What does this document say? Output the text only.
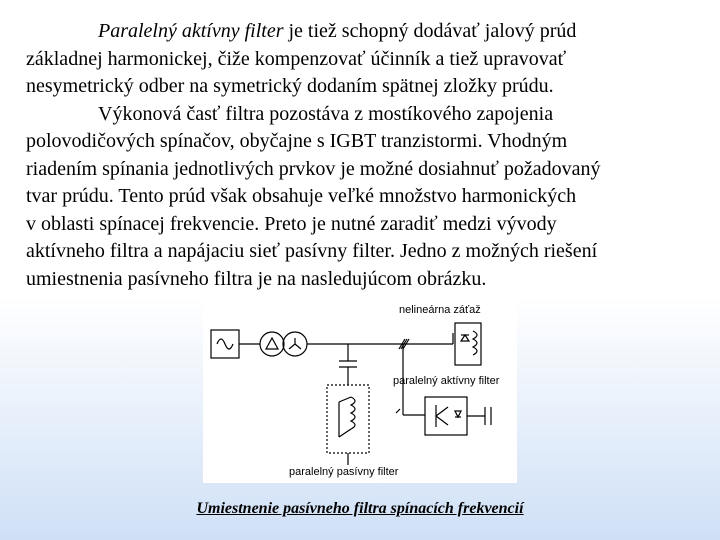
Paralelný aktívny filter je tiež schopný dodávať jalový prúd
základnej harmonickej, čiže kompenzovať účinník a tiež upravovať
nesymetrický odber na symetrický dodaním spätnej zložky prúdu.

Výkonová časť filtra pozostáva z mostíkového zapojenia
polovodičových spínačov, obyčajne s IGBT tranzistormi. Vhodným
riadením spínania jednotlivých prvkov je možné dosiahnuť požadovaný
tvar prúdu. Tento prúd však obsahuje veľké množstvo harmonických
v oblasti spínacej frekvencie. Preto je nutné zaradiť medzi vývody
aktívneho filtra a napájaciu sieť pasívny filter. Jedno z možných riešení
umiestnenia pasívneho filtra je na nasledujúcom obrázku.

nelineárna záťaž
paralelný aktívny filter
paralelný pasívny filter
Umiestnenie pasívneho filtra spínacích frekvencií
